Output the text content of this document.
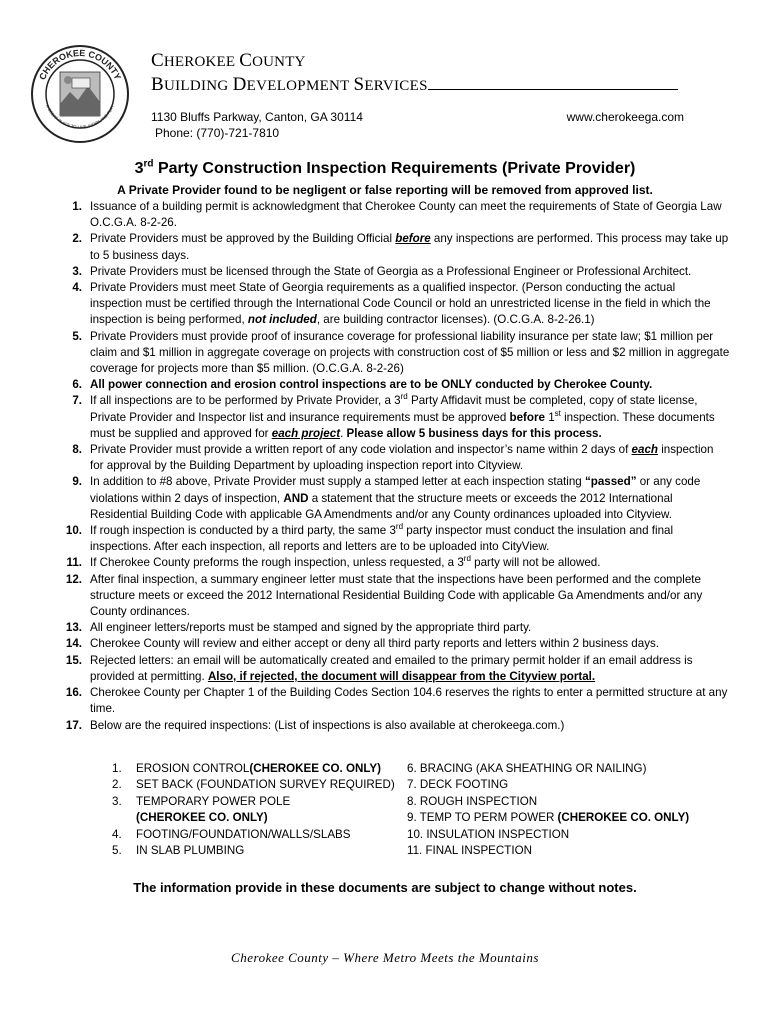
CHEROKEE COUNTY
A GREAT PLACE TO LIVE, WORK AND PLAY
CHEROKEE COUNTY
BUILDING DEVELOPMENT SERVICES
1130 Bluffs Parkway, Canton, GA 30114	www.cherokeega.com
Phone: (770)-721-7810
3rd Party Construction Inspection Requirements (Private Provider)
A Private Provider found to be negligent or false reporting will be removed from approved list.
1. Issuance of a building permit is acknowledgment that Cherokee County can meet the requirements of State of Georgia Law O.C.G.A. 8-2-26.
2. Private Providers must be approved by the Building Official before any inspections are performed. This process may take up to 5 business days.
3. Private Providers must be licensed through the State of Georgia as a Professional Engineer or Professional Architect.
4. Private Providers must meet State of Georgia requirements as a qualified inspector. (Person conducting the actual inspection must be certified through the International Code Council or hold an unrestricted license in the field in which the inspection is being performed, not included, are building contractor licenses). (O.C.G.A. 8-2-26.1)
5. Private Providers must provide proof of insurance coverage for professional liability insurance per state law; $1 million per claim and $1 million in aggregate coverage on projects with construction cost of $5 million or less and $2 million in aggregate coverage for projects more than $5 million. (O.C.G.A. 8-2-26)
6. All power connection and erosion control inspections are to be ONLY conducted by Cherokee County.
7. If all inspections are to be performed by Private Provider, a 3rd Party Affidavit must be completed, copy of state license, Private Provider and Inspector list and insurance requirements must be approved before 1st inspection. These documents must be supplied and approved for each project. Please allow 5 business days for this process.
8. Private Provider must provide a written report of any code violation and inspector’s name within 2 days of each inspection for approval by the Building Department by uploading inspection report into Cityview.
9. In addition to #8 above, Private Provider must supply a stamped letter at each inspection stating “passed” or any code violations within 2 days of inspection, AND a statement that the structure meets or exceeds the 2012 International Residential Building Code with applicable GA Amendments and/or any County ordinances uploaded into Cityview.
10. If rough inspection is conducted by a third party, the same 3rd party inspector must conduct the insulation and final inspections. After each inspection, all reports and letters are to be uploaded into CityView.
11. If Cherokee County preforms the rough inspection, unless requested, a 3rd party will not be allowed.
12. After final inspection, a summary engineer letter must state that the inspections have been performed and the complete structure meets or exceed the 2012 International Residential Building Code with applicable Ga Amendments and/or any County ordinances.
13. All engineer letters/reports must be stamped and signed by the appropriate third party.
14. Cherokee County will review and either accept or deny all third party reports and letters within 2 business days.
15. Rejected letters: an email will be automatically created and emailed to the primary permit holder if an email address is provided at permitting. Also, if rejected, the document will disappear from the Cityview portal.
16. Cherokee County per Chapter 1 of the Building Codes Section 104.6 reserves the rights to enter a permitted structure at any time.
17. Below are the required inspections: (List of inspections is also available at cherokeega.com.)
1.	EROSION CONTROL (CHEROKEE CO. ONLY) 6. BRACING (AKA SHEATHING OR NAILING)
2.	SET BACK (FOUNDATION SURVEY REQUIRED) 7. DECK FOOTING
3.	TEMPORARY POWER POLE	8. ROUGH INSPECTION
(CHEROKEE CO. ONLY)	9. TEMP TO PERM POWER (CHEROKEE CO. ONLY)
4.	FOOTING/FOUNDATION/WALLS/SLABS	10. INSULATION INSPECTION
5.	IN SLAB PLUMBING	11. FINAL INSPECTION
The information provide in these documents are subject to change without notes.
Cherokee County – Where Metro Meets the Mountains
